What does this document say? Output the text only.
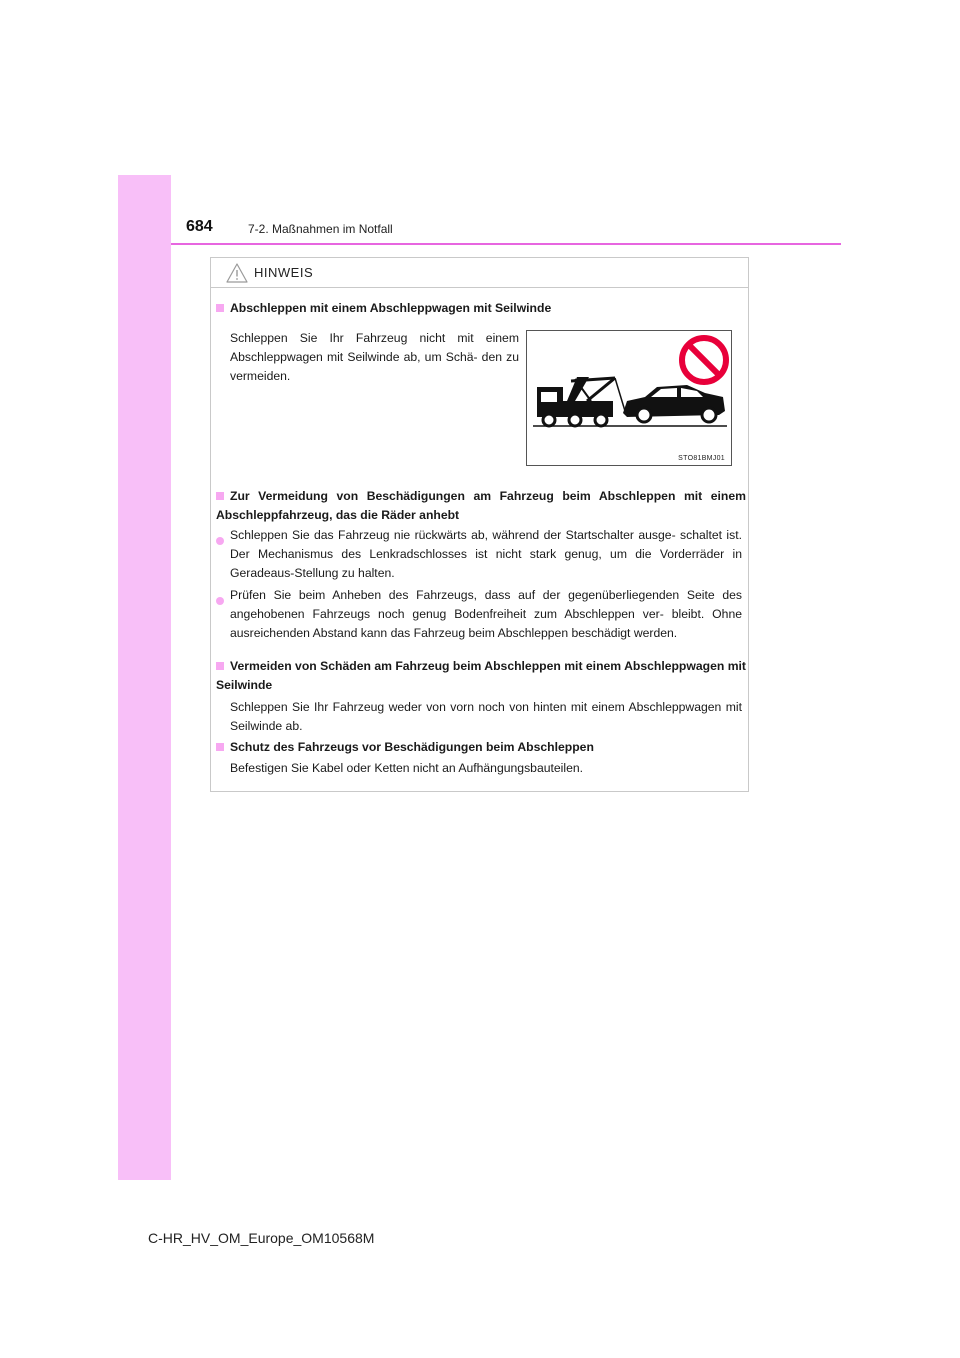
684	7-2. Maßnahmen im Notfall
HINWEIS
Abschleppen mit einem Abschleppwagen mit Seilwinde
Schleppen Sie Ihr Fahrzeug nicht mit einem Abschleppwagen mit Seilwinde ab, um Schä- den zu vermeiden.
STO81BMJ01
Zur Vermeidung von Beschädigungen am Fahrzeug beim Abschleppen mit einem Abschleppfahrzeug, das die Räder anhebt
Schleppen Sie das Fahrzeug nie rückwärts ab, während der Startschalter ausge- schaltet ist. Der Mechanismus des Lenkradschlosses ist nicht stark genug, um die Vorderräder in Geradeaus-Stellung zu halten.
Prüfen Sie beim Anheben des Fahrzeugs, dass auf der gegenüberliegenden Seite des angehobenen Fahrzeugs noch genug Bodenfreiheit zum Abschleppen ver- bleibt. Ohne ausreichenden Abstand kann das Fahrzeug beim Abschleppen beschädigt werden.
Vermeiden von Schäden am Fahrzeug beim Abschleppen mit einem Abschleppwagen mit Seilwinde
Schleppen Sie Ihr Fahrzeug weder von vorn noch von hinten mit einem Abschleppwagen mit Seilwinde ab.
Schutz des Fahrzeugs vor Beschädigungen beim Abschleppen
Befestigen Sie Kabel oder Ketten nicht an Aufhängungsbauteilen.
C-HR_HV_OM_Europe_OM10568M
